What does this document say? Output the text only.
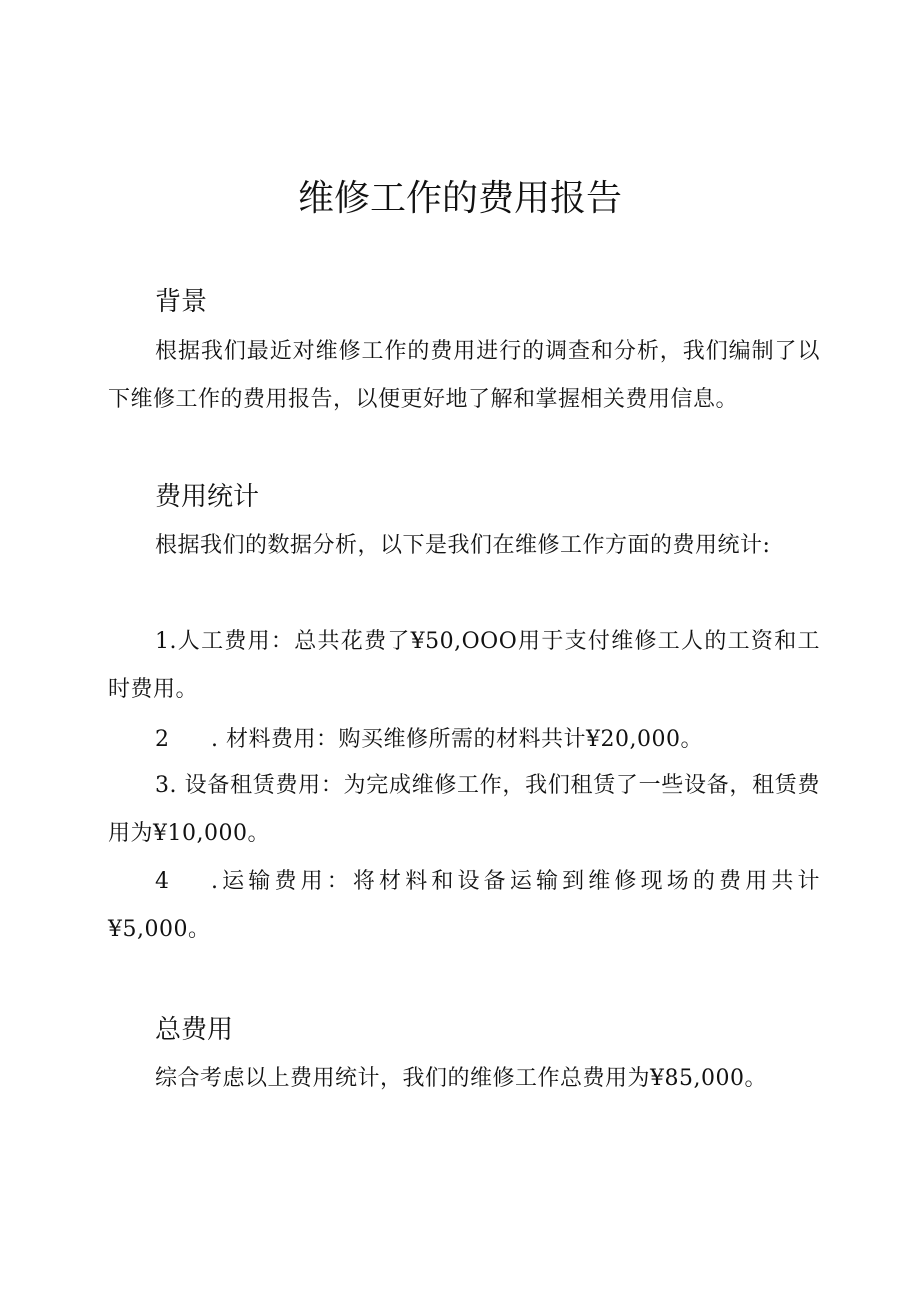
维修工作的费用报告
背景
根据我们最近对维修工作的费用进行的调查和分析，我们编制了以下维修工作的费用报告，以便更好地了解和掌握相关费用信息。
费用统计
根据我们的数据分析，以下是我们在维修工作方面的费用统计:
1.人工费用：总共花费了¥50,OOO用于支付维修工人的工资和工时费用。
2 . 材料费用：购买维修所需的材料共计¥20,000。
3. 设备租赁费用：为完成维修工作，我们租赁了一些设备，租赁费用为¥10,000。
4 .运输费用：将材料和设备运输到维修现场的费用共计¥5,000。
总费用
综合考虑以上费用统计，我们的维修工作总费用为¥85,000。
